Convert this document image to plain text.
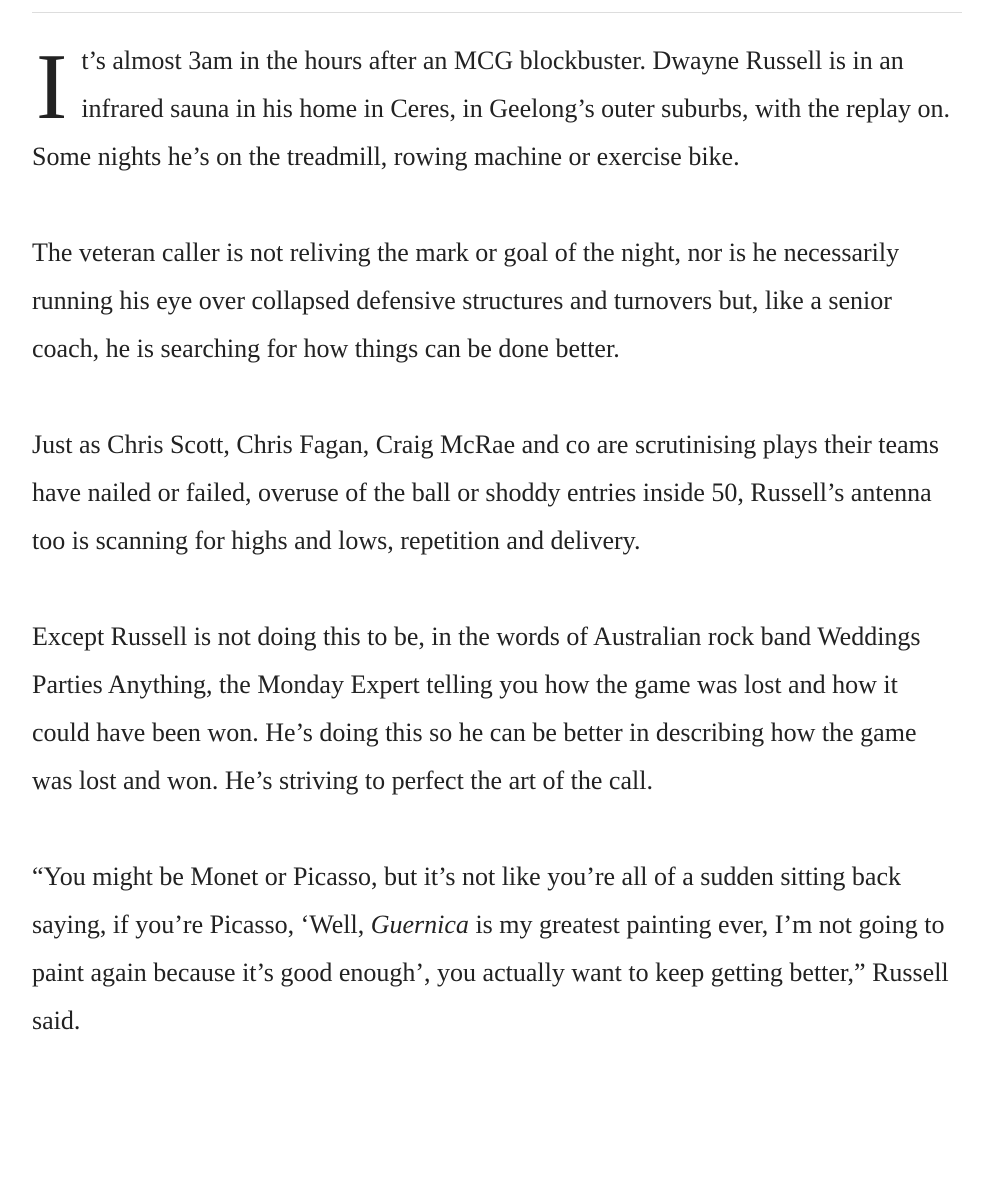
It’s almost 3am in the hours after an MCG blockbuster. Dwayne Russell is in an infrared sauna in his home in Ceres, in Geelong’s outer suburbs, with the replay on. Some nights he’s on the treadmill, rowing machine or exercise bike.

The veteran caller is not reliving the mark or goal of the night, nor is he necessarily running his eye over collapsed defensive structures and turnovers but, like a senior coach, he is searching for how things can be done better.

Just as Chris Scott, Chris Fagan, Craig McRae and co are scrutinising plays their teams have nailed or failed, overuse of the ball or shoddy entries inside 50, Russell’s antenna too is scanning for highs and lows, repetition and delivery.

Except Russell is not doing this to be, in the words of Australian rock band Weddings Parties Anything, the Monday Expert telling you how the game was lost and how it could have been won. He’s doing this so he can be better in describing how the game was lost and won. He’s striving to perfect the art of the call.

“You might be Monet or Picasso, but it’s not like you’re all of a sudden sitting back saying, if you’re Picasso, ‘Well, Guernica is my greatest painting ever, I’m not going to paint again because it’s good enough’, you actually want to keep getting better,” Russell said.
